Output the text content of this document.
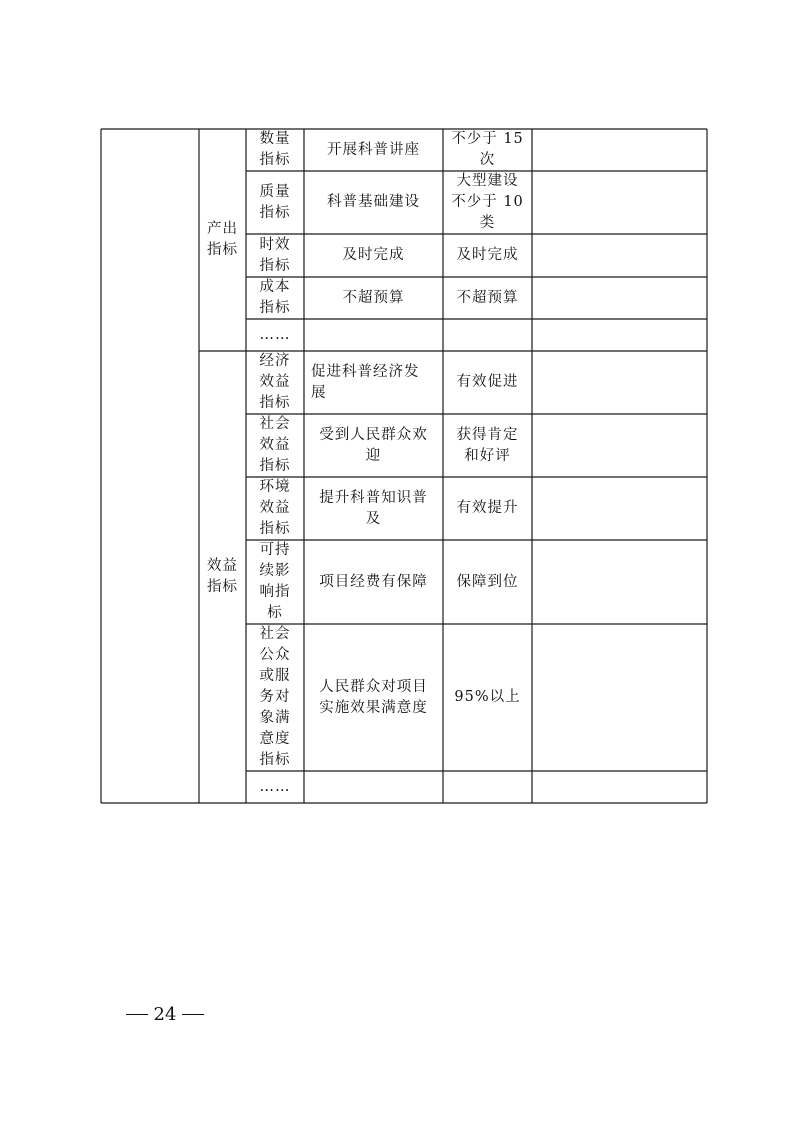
产出
指标
数量
指标
开展科普讲座
不少于 15
次
质量
指标
科普基础建设
大型建设
不少于 10
类
时效
指标
及时完成	及时完成
成本
指标
不超预算	不超预算
……
效益
指标
经济
效益
指标
促进科普经济发
展
有效促进
社会
效益
指标
受到人民群众欢
迎
获得肯定
和好评
环境
效益
指标
提升科普知识普
及
有效提升
可持
续影
响指
标
项目经费有保障 保障到位
社会
公众
或服
务对
象满
意度
指标
人民群众对项目
实施效果满意度
95%以上
……
24
